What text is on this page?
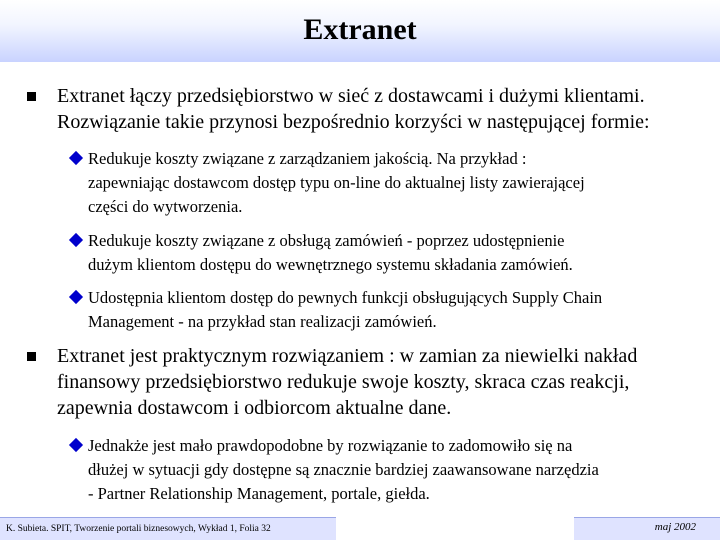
Extranet
Extranet łączy przedsiębiorstwo w sieć z dostawcami i dużymi klientami.
Rozwiązanie takie przynosi bezpośrednio korzyści w następującej formie:
Redukuje koszty związane z zarządzaniem jakością. Na przykład :
zapewniając dostawcom dostęp typu on-line do aktualnej listy zawierającej
części do wytworzenia.
Redukuje koszty związane z obsługą zamówień - poprzez udostępnienie
dużym klientom dostępu do wewnętrznego systemu składania zamówień.
Udostępnia klientom dostęp do pewnych funkcji obsługujących Supply Chain
Management - na przykład stan realizacji zamówień.
Extranet jest praktycznym rozwiązaniem : w zamian za niewielki nakład
finansowy przedsiębiorstwo redukuje swoje koszty, skraca czas reakcji,
zapewnia dostawcom i odbiorcom aktualne dane.
Jednakże jest mało prawdopodobne by rozwiązanie to zadomowiło się na
dłużej w sytuacji gdy dostępne są znacznie bardziej zaawansowane narzędzia
- Partner Relationship Management, portale, giełda.
K. Subieta. SPIT, Tworzenie portali biznesowych, Wykład 1, Folia 32	maj 2002
